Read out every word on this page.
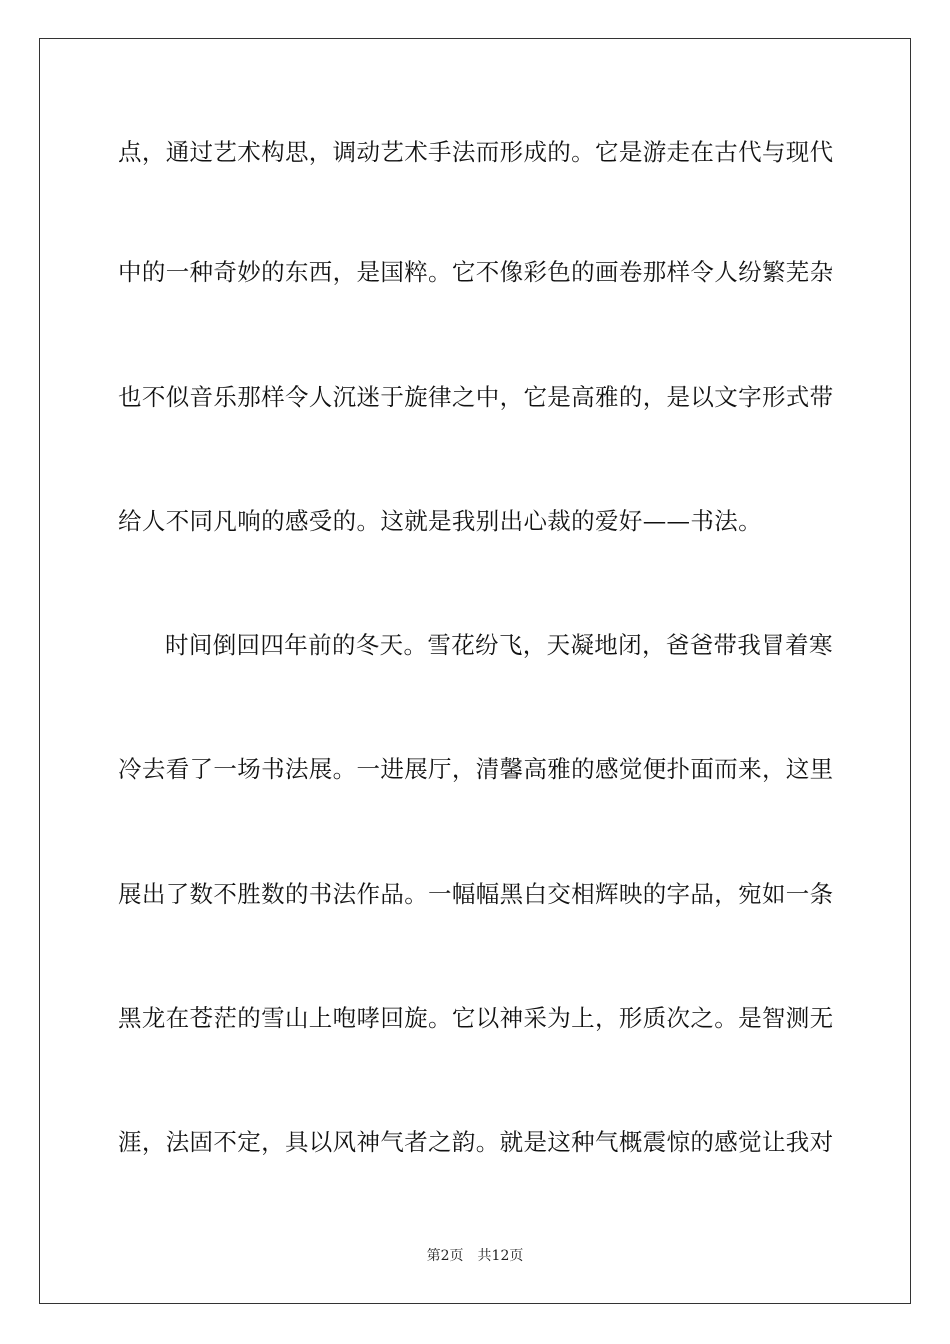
点，通过艺术构思，调动艺术手法而形成的。它是游走在古代与现代
中的一种奇妙的东西，是国粹。它不像彩色的画卷那样令人纷繁芜杂
也不似音乐那样令人沉迷于旋律之中，它是高雅的，是以文字形式带
给人不同凡响的感受的。这就是我别出心裁的爱好——书法。
时间倒回四年前的冬天。雪花纷飞，天凝地闭，爸爸带我冒着寒
冷去看了一场书法展。一进展厅，清馨高雅的感觉便扑面而来，这里
展出了数不胜数的书法作品。一幅幅黑白交相辉映的字品，宛如一条
黑龙在苍茫的雪山上咆哮回旋。它以神采为上，形质次之。是智测无
涯，法固不定，具以风神气者之韵。就是这种气概震惊的感觉让我对
第2页 共12页
